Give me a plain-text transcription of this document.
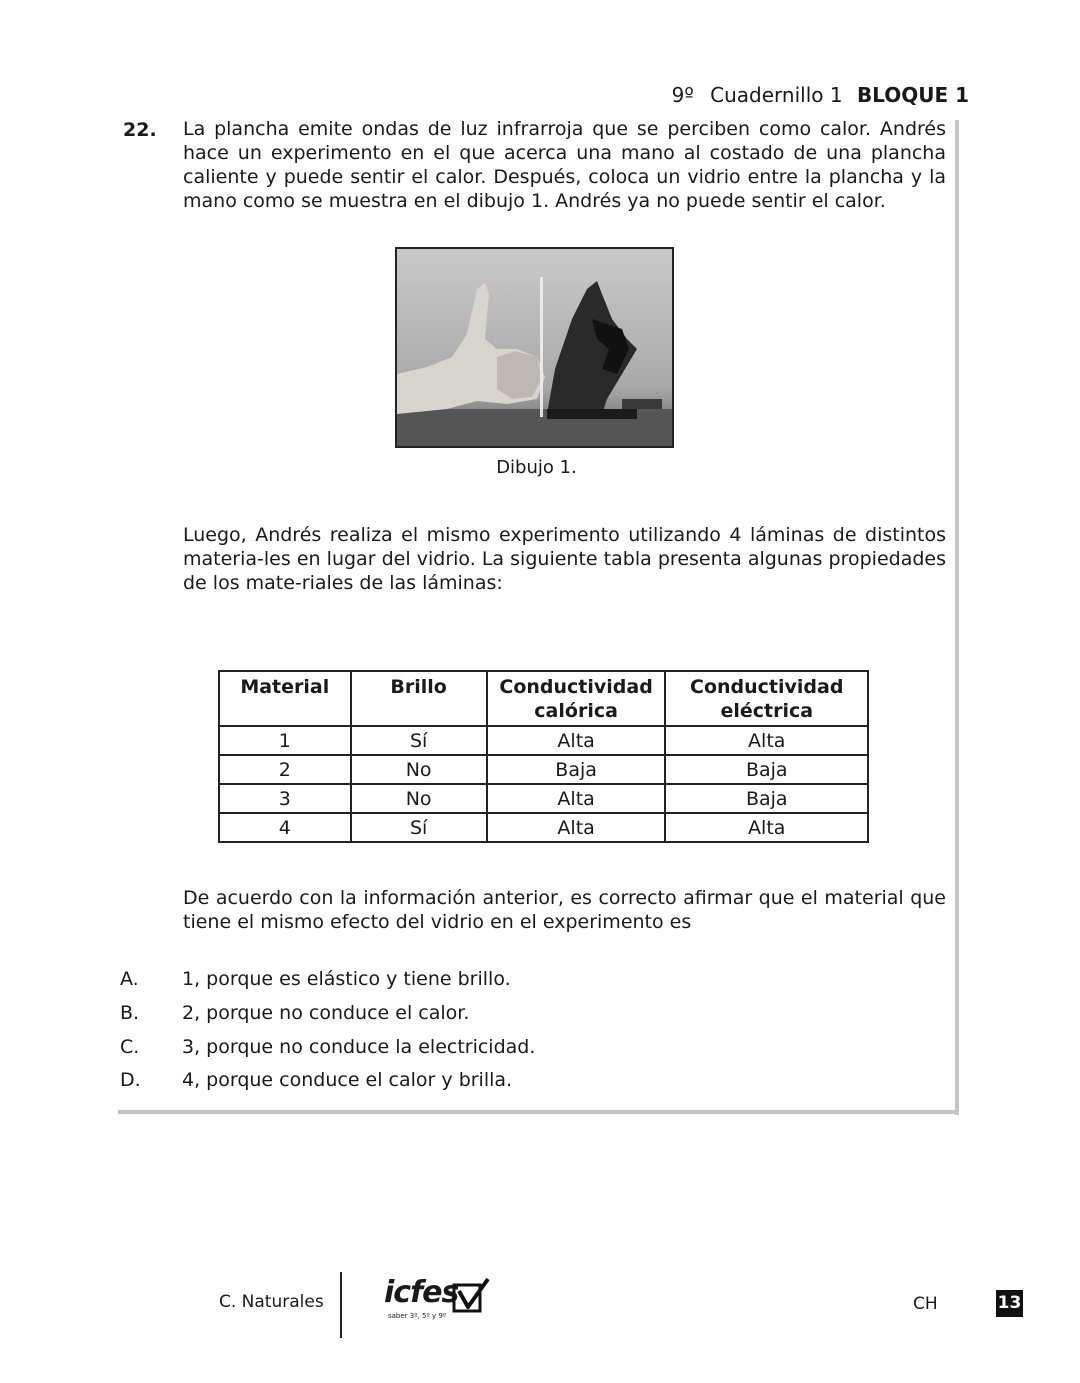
9º Cuadernillo 1 BLOQUE 1
22. La plancha emite ondas de luz infrarroja que se perciben como calor. Andrés hace un experimento en el que acerca una mano al costado de una plancha caliente y puede sentir el calor. Después, coloca un vidrio entre la plancha y la mano como se muestra en el dibujo 1. Andrés ya no puede sentir el calor.
Dibujo 1.
Luego, Andrés realiza el mismo experimento utilizando 4 láminas de distintos materia-les en lugar del vidrio. La siguiente tabla presenta algunas propiedades de los mate-riales de las láminas:
Material	Brillo	Conductividad calórica	Conductividad eléctrica
1	Sí	Alta	Alta
2	No	Baja	Baja
3	No	Alta	Baja
4	Sí	Alta	Alta
De acuerdo con la información anterior, es correcto afirmar que el material que tiene el mismo efecto del vidrio en el experimento es
A. 1, porque es elástico y tiene brillo.
B. 2, porque no conduce el calor.
C. 3, porque no conduce la electricidad.
D. 4, porque conduce el calor y brilla.
C. Naturales icfes
saber 3º, 5º y 9º
CH	13
